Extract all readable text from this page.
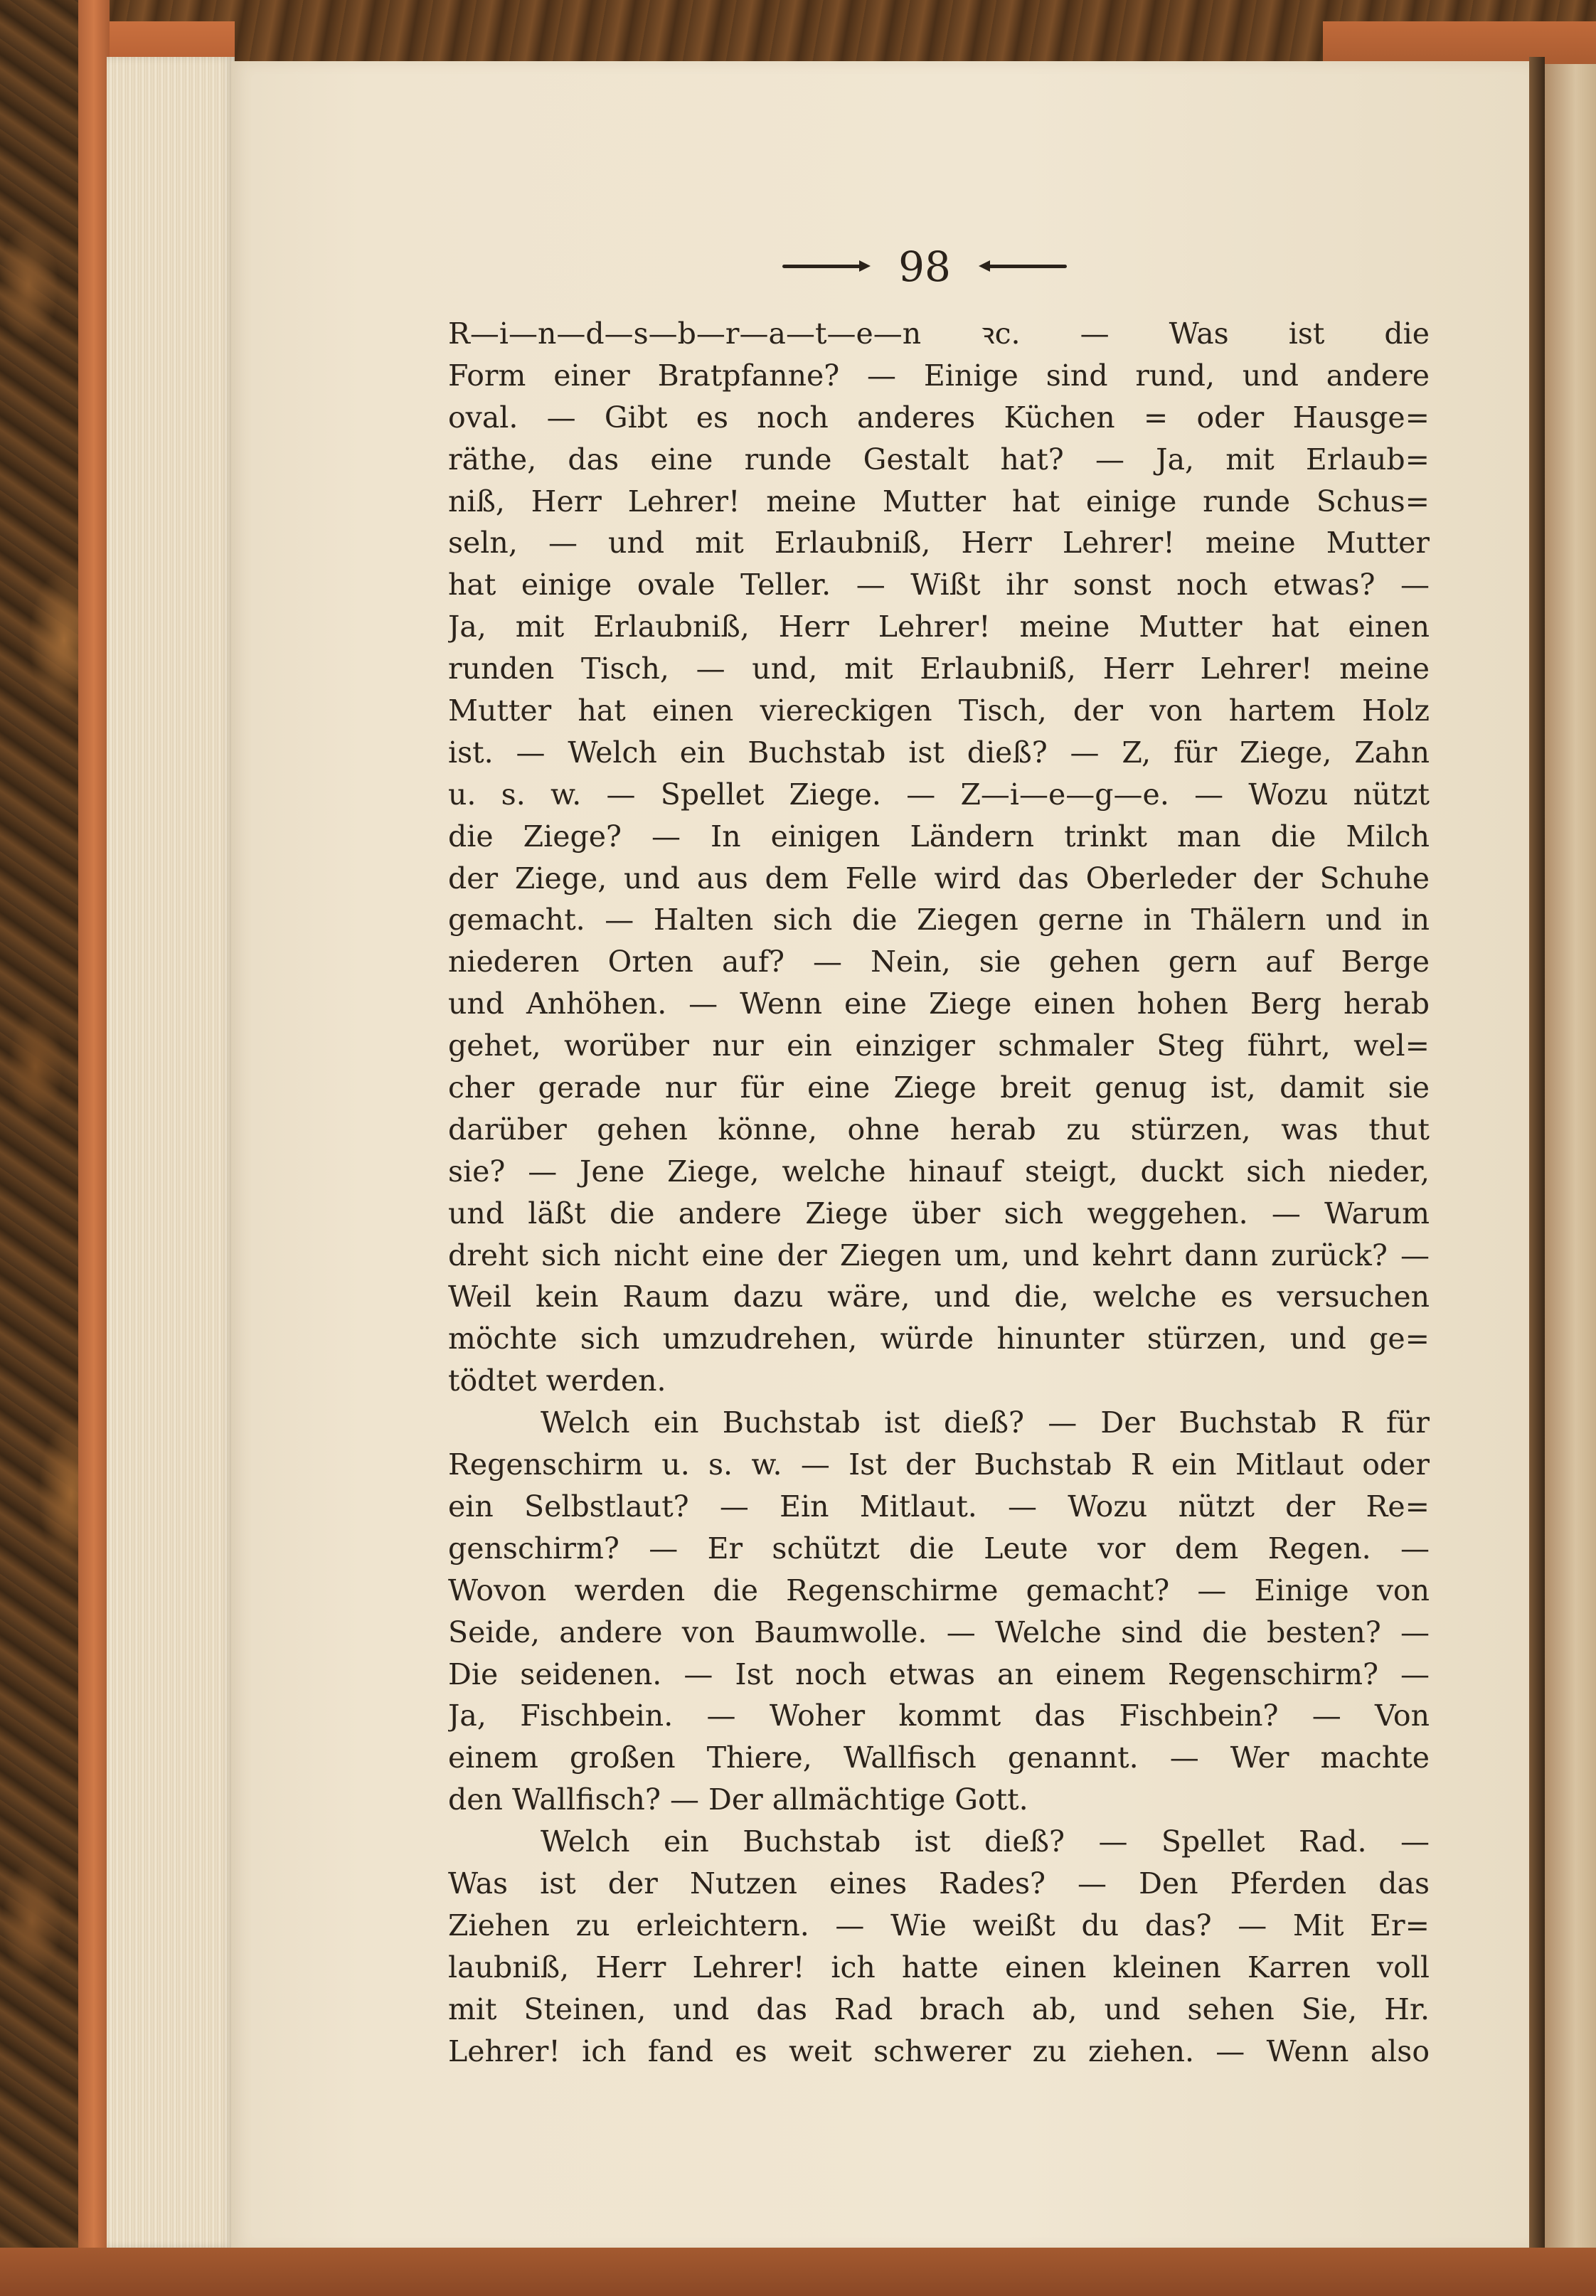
98
R—i—n—d—s—b—r—a—t—e—n ꝛc. — Was ist die
Form einer Bratpfanne? — Einige sind rund, und andere
oval. — Gibt es noch anderes Küchen = oder Hausge=
räthe, das eine runde Gestalt hat? — Ja, mit Erlaub=
niß, Herr Lehrer! meine Mutter hat einige runde Schus=
seln, — und mit Erlaubniß, Herr Lehrer! meine Mutter
hat einige ovale Teller. — Wißt ihr sonst noch etwas? —
Ja, mit Erlaubniß, Herr Lehrer! meine Mutter hat einen
runden Tisch, — und, mit Erlaubniß, Herr Lehrer! meine
Mutter hat einen viereckigen Tisch, der von hartem Holz
ist. — Welch ein Buchstab ist dieß? — Z, für Ziege, Zahn
u. s. w. — Spellet Ziege. — Z—i—e—g—e. — Wozu nützt
die Ziege? — In einigen Ländern trinkt man die Milch
der Ziege, und aus dem Felle wird das Oberleder der Schuhe
gemacht. — Halten sich die Ziegen gerne in Thälern und in
niederen Orten auf? — Nein, sie gehen gern auf Berge
und Anhöhen. — Wenn eine Ziege einen hohen Berg herab
gehet, worüber nur ein einziger schmaler Steg führt, wel=
cher gerade nur für eine Ziege breit genug ist, damit sie
darüber gehen könne, ohne herab zu stürzen, was thut
sie? — Jene Ziege, welche hinauf steigt, duckt sich nieder,
und läßt die andere Ziege über sich weggehen. — Warum
dreht sich nicht eine der Ziegen um, und kehrt dann zurück? —
Weil kein Raum dazu wäre, und die, welche es versuchen
möchte sich umzudrehen, würde hinunter stürzen, und ge=
tödtet werden.
Welch ein Buchstab ist dieß? — Der Buchstab R für
Regenschirm u. s. w. — Ist der Buchstab R ein Mitlaut oder
ein Selbstlaut? — Ein Mitlaut. — Wozu nützt der Re=
genschirm? — Er schützt die Leute vor dem Regen. —
Wovon werden die Regenschirme gemacht? — Einige von
Seide, andere von Baumwolle. — Welche sind die besten? —
Die seidenen. — Ist noch etwas an einem Regenschirm? —
Ja, Fischbein. — Woher kommt das Fischbein? — Von
einem großen Thiere, Wallfisch genannt. — Wer machte
den Wallfisch? — Der allmächtige Gott.
Welch ein Buchstab ist dieß? — Spellet Rad. —
Was ist der Nutzen eines Rades? — Den Pferden das
Ziehen zu erleichtern. — Wie weißt du das? — Mit Er=
laubniß, Herr Lehrer! ich hatte einen kleinen Karren voll
mit Steinen, und das Rad brach ab, und sehen Sie, Hr.
Lehrer! ich fand es weit schwerer zu ziehen. — Wenn also
